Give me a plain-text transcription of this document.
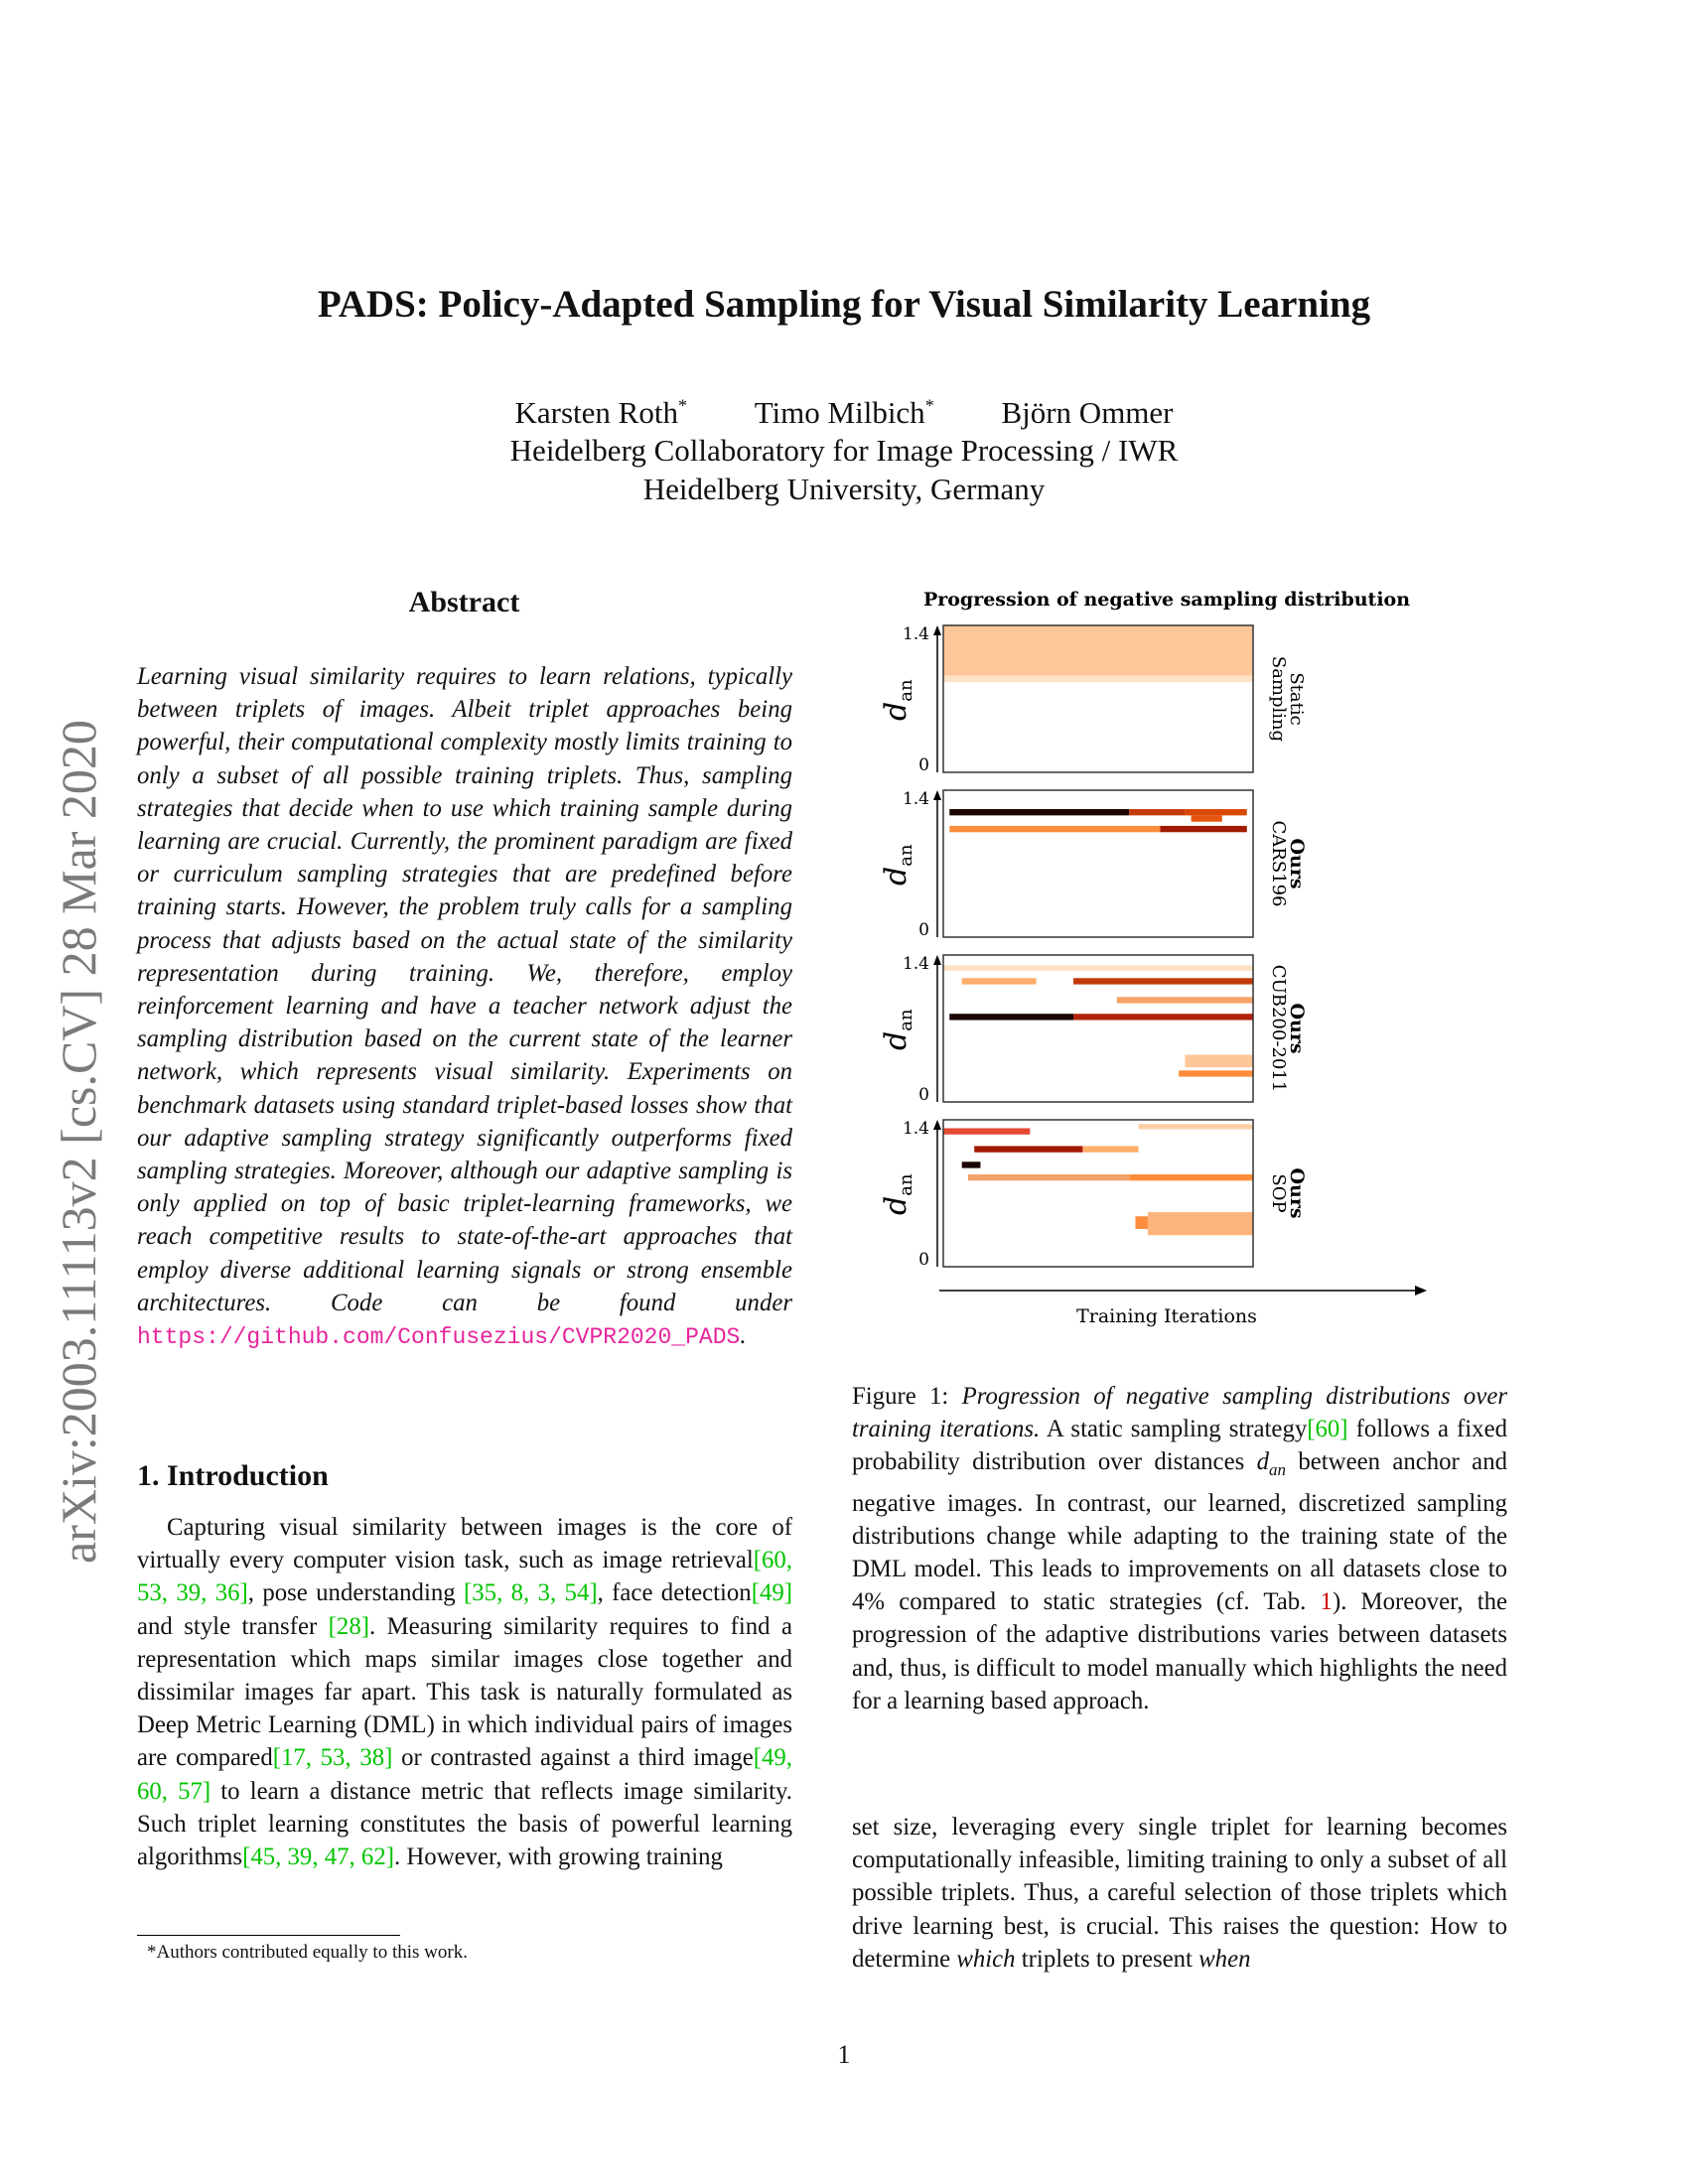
arXiv:2003.11113v2 [cs.CV] 28 Mar 2020
PADS: Policy-Adapted Sampling for Visual Similarity Learning
Karsten Roth* Timo Milbich* Björn Ommer
Heidelberg Collaboratory for Image Processing / IWR
Heidelberg University, Germany
Abstract
Learning visual similarity requires to learn relations, typically between triplets of images. Albeit triplet approaches being powerful, their computational complexity mostly limits training to only a subset of all possible training triplets. Thus, sampling strategies that decide when to use which training sample during learning are crucial. Currently, the prominent paradigm are fixed or curriculum sampling strategies that are predefined before training starts. However, the problem truly calls for a sampling process that adjusts based on the actual state of the similarity representation during training. We, therefore, employ reinforcement learning and have a teacher network adjust the sampling distribution based on the current state of the learner network, which represents visual similarity. Experiments on benchmark datasets using standard triplet-based losses show that our adaptive sampling strategy significantly outperforms fixed sampling strategies. Moreover, although our adaptive sampling is only applied on top of basic triplet-learning frameworks, we reach competitive results to state-of-the-art approaches that employ diverse additional learning signals or strong ensemble architectures. Code can be found under https://github.com/Confusezius/CVPR2020_PADS.
1. Introduction
Capturing visual similarity between images is the core of virtually every computer vision task, such as image retrieval[60, 53, 39, 36], pose understanding [35, 8, 3, 54], face detection[49] and style transfer [28]. Measuring similarity requires to find a representation which maps similar images close together and dissimilar images far apart. This task is naturally formulated as Deep Metric Learning (DML) in which individual pairs of images are compared[17, 53, 38] or contrasted against a third image[49, 60, 57] to learn a distance metric that reflects image similarity. Such triplet learning constitutes the basis of powerful learning algorithms[45, 39, 47, 62]. However, with growing training
*Authors contributed equally to this work.
Progression of negative sampling distribution
1.4
0
$d_{an}$	Static
Sampling
1.4
0
$d_{an}$	Ours
CARS196
1.4
0
$d_{an}$	Ours
CUB200-2011
1.4
0
$d_{an}$	Ours
SOP
Training Iterations
Figure 1: Progression of negative sampling distributions over training iterations. A static sampling strategy[60] follows a fixed probability distribution over distances $d_{an}$ between anchor and negative images. In contrast, our learned, discretized sampling distributions change while adapting to the training state of the DML model. This leads to improvements on all datasets close to 4% compared to static strategies (cf. Tab. 1). Moreover, the progression of the adaptive distributions varies between datasets and, thus, is difficult to model manually which highlights the need for a learning based approach.
set size, leveraging every single triplet for learning becomes computationally infeasible, limiting training to only a subset of all possible triplets. Thus, a careful selection of those triplets which drive learning best, is crucial. This raises the question: How to determine which triplets to present when
1
